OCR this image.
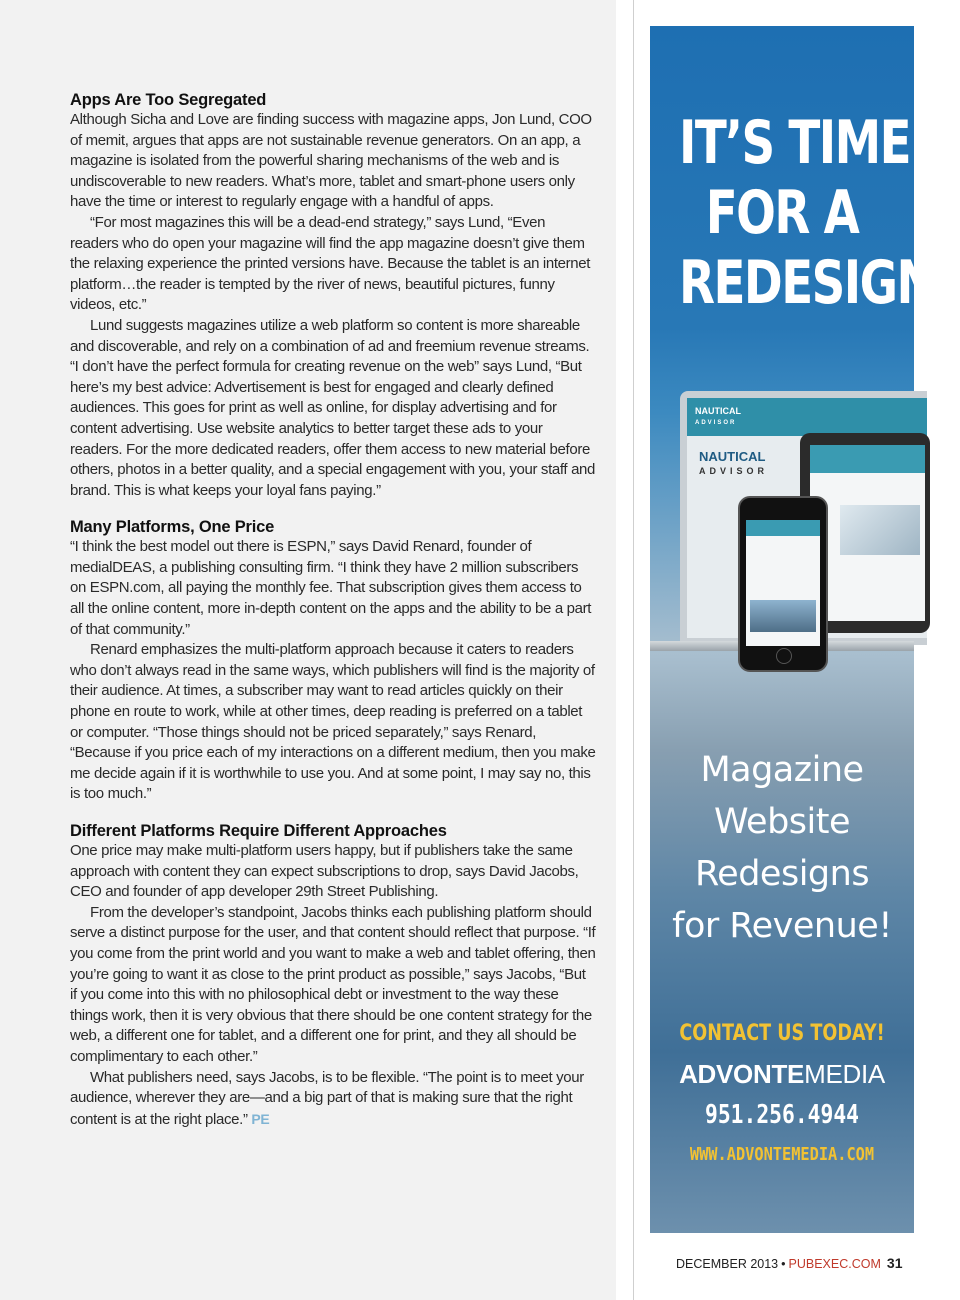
Apps Are Too Segregated

Although Sicha and Love are finding success with magazine apps, Jon Lund, COO of memit, argues that apps are not sustainable revenue generators. On an app, a magazine is isolated from the powerful sharing mechanisms of the web and is undiscoverable to new readers. What’s more, tablet and smart-phone users only have the time or interest to regularly engage with a handful of apps.

“For most magazines this will be a dead-end strategy,” says Lund, “Even readers who do open your magazine will find the app magazine doesn’t give them the relaxing experience the printed versions have. Because the tablet is an internet platform…the reader is tempted by the river of news, beautiful pictures, funny videos, etc.”

Lund suggests magazines utilize a web platform so content is more shareable and discoverable, and rely on a combination of ad and freemium revenue streams. “I don’t have the perfect formula for creating revenue on the web” says Lund, “But here’s my best advice: Advertisement is best for engaged and clearly defined audiences. This goes for print as well as online, for display advertising and for content advertising. Use website analytics to better target these ads to your readers. For the more dedicated readers, offer them access to new material before others, photos in a better quality, and a special engagement with you, your staff and brand. This is what keeps your loyal fans paying.”

Many Platforms, One Price

“I think the best model out there is ESPN,” says David Renard, founder of medialDEAS, a publishing consulting firm. “I think they have 2 million subscribers on ESPN.com, all paying the monthly fee. That subscription gives them access to all the online content, more in-depth content on the apps and the ability to be a part of that community.”

Renard emphasizes the multi-platform approach because it caters to readers who don’t always read in the same ways, which publishers will find is the majority of their audience. At times, a subscriber may want to read articles quickly on their phone en route to work, while at other times, deep reading is preferred on a tablet or computer. “Those things should not be priced separately,” says Renard, “Because if you price each of my interactions on a different medium, then you make me decide again if it is worthwhile to use you. And at some point, I may say no, this is too much.”

Different Platforms Require Different Approaches

One price may make multi-platform users happy, but if publishers take the same approach with content they can expect subscriptions to drop, says David Jacobs, CEO and founder of app developer 29th Street Publishing.

From the developer’s standpoint, Jacobs thinks each publishing platform should serve a distinct purpose for the user, and that content should reflect that purpose. “If you come from the print world and you want to make a web and tablet offering, then you’re going to want it as close to the print product as possible,” says Jacobs, “But if you come into this with no philosophical debt or investment to the way these things work, then it is very obvious that there should be one content strategy for the web, a different one for tablet, and a different one for print, and they all should be complimentary to each other.”

What publishers need, says Jacobs, is to be flexible. “The point is to meet your audience, wherever they are—and a big part of that is making sure that the right content is at the right place.” PE

IT’S TIME
FOR A
REDESIGN!
NAUTICAL
ADVISOR
NAUTICAL
ADVISOR
Magazine
Website
Redesigns
for Revenue!
CONTACT US TODAY!
ADVONTEMEDIA
951.256.4944
WWW.ADVONTEMEDIA.COM
DECEMBER 2013 • PUBEXEC.COM 31
